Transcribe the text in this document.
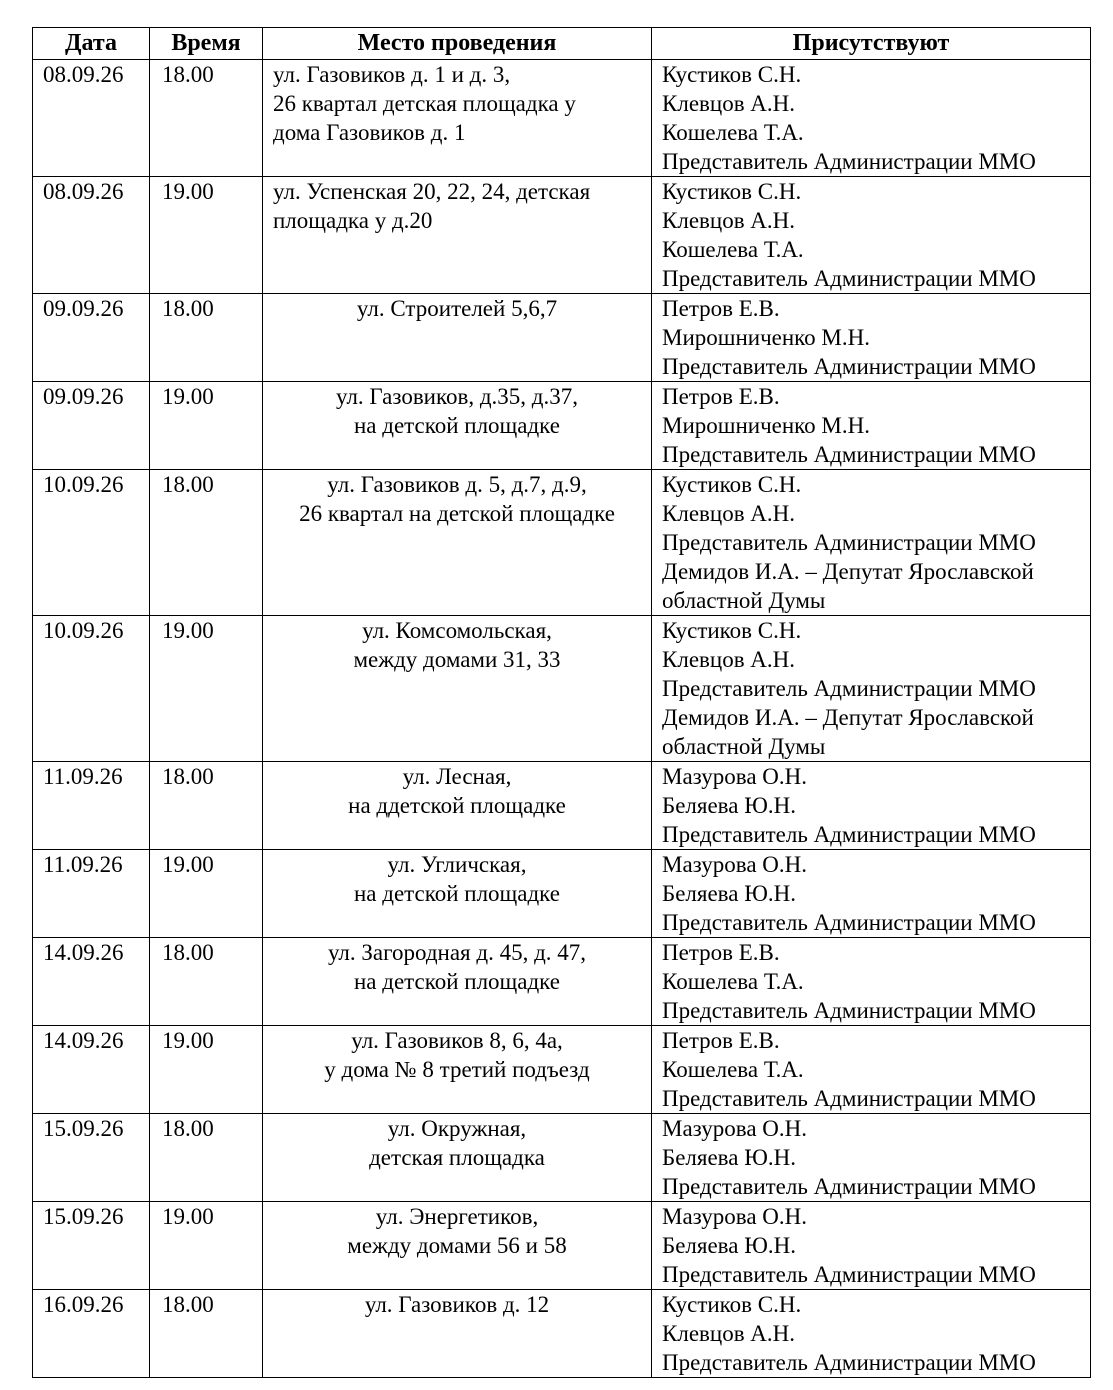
Дата	Время	Место проведения	Присутствуют
08.09.26	18.00	ул. Газовиков д. 1 и д. 3,
26 квартал детская площадка у
дома Газовиков д. 1	Кустиков С.Н.
Клевцов А.Н.
Кошелева Т.А.
Представитель Администрации ММО

08.09.26	19.00	ул. Успенская 20, 22, 24, детская
площадка у д.20	Кустиков С.Н.
Клевцов А.Н.
Кошелева Т.А.
Представитель Администрации ММО

09.09.26	18.00	ул. Строителей 5,6,7	Петров Е.В.
Мирошниченко М.Н.
Представитель Администрации ММО

09.09.26	19.00	ул. Газовиков, д.35, д.37,
на детской площадке	Петров Е.В.
Мирошниченко М.Н.
Представитель Администрации ММО

10.09.26	18.00	ул. Газовиков д. 5, д.7, д.9,
26 квартал на детской площадке	Кустиков С.Н.
Клевцов А.Н.
Представитель Администрации ММО
Демидов И.А. – Депутат Ярославской
областной Думы

10.09.26	19.00	ул. Комсомольская,
между домами 31, 33	Кустиков С.Н.
Клевцов А.Н.
Представитель Администрации ММО
Демидов И.А. – Депутат Ярославской
областной Думы

11.09.26	18.00	ул. Лесная,
на ддетской площадке	Мазурова О.Н.
Беляева Ю.Н.
Представитель Администрации ММО

11.09.26	19.00	ул. Угличская,
на детской площадке	Мазурова О.Н.
Беляева Ю.Н.
Представитель Администрации ММО

14.09.26	18.00	ул. Загородная д. 45, д. 47,
на детской площадке	Петров Е.В.
Кошелева Т.А.
Представитель Администрации ММО

14.09.26	19.00	ул. Газовиков 8, 6, 4а,
у дома № 8 третий подъезд	Петров Е.В.
Кошелева Т.А.
Представитель Администрации ММО

15.09.26	18.00	ул. Окружная,
детская площадка	Мазурова О.Н.
Беляева Ю.Н.
Представитель Администрации ММО

15.09.26	19.00	ул. Энергетиков,
между домами 56 и 58	Мазурова О.Н.
Беляева Ю.Н.
Представитель Администрации ММО

16.09.26	18.00	ул. Газовиков д. 12	Кустиков С.Н.
Клевцов А.Н.
Представитель Администрации ММО
